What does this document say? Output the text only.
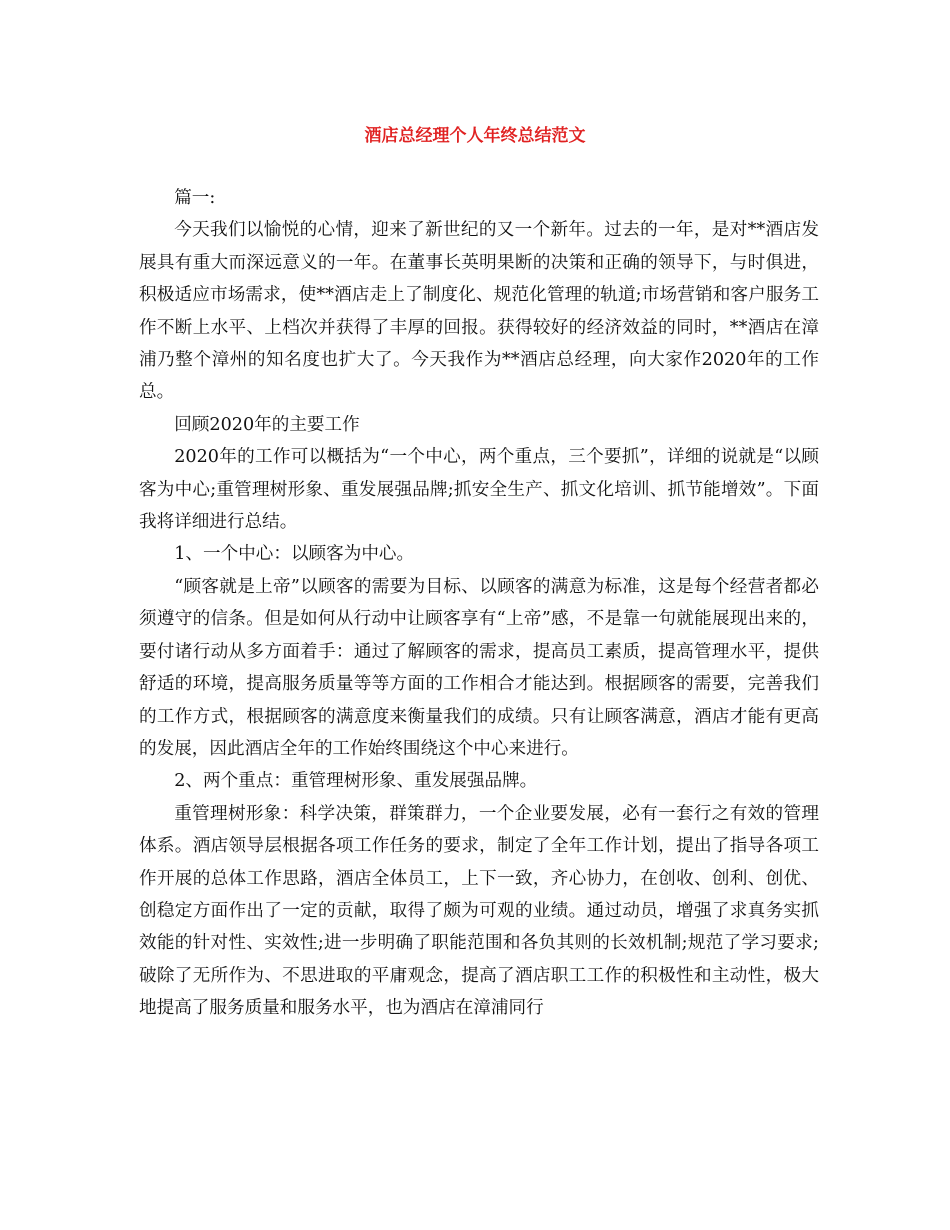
酒店总经理个人年终总结范文

篇一:

今天我们以愉悦的心情，迎来了新世纪的又一个新年。过去的一年，是对**酒店发展具有重大而深远意义的一年。在董事长英明果断的决策和正确的领导下，与时俱进，积极适应市场需求，使**酒店走上了制度化、规范化管理的轨道;市场营销和客户服务工作不断上水平、上档次并获得了丰厚的回报。获得较好的经济效益的同时，**酒店在漳浦乃整个漳州的知名度也扩大了。今天我作为**酒店总经理，向大家作2020年的工作总。

回顾2020年的主要工作

2020年的工作可以概括为“一个中心，两个重点，三个要抓”，详细的说就是“以顾客为中心;重管理树形象、重发展强品牌;抓安全生产、抓文化培训、抓节能增效”。下面我将详细进行总结。

1、一个中心：以顾客为中心。

“顾客就是上帝”以顾客的需要为目标、以顾客的满意为标准，这是每个经营者都必须遵守的信条。但是如何从行动中让顾客享有“上帝”感，不是靠一句就能展现出来的，要付诸行动从多方面着手：通过了解顾客的需求，提高员工素质，提高管理水平，提供舒适的环境，提高服务质量等等方面的工作相合才能达到。根据顾客的需要，完善我们的工作方式，根据顾客的满意度来衡量我们的成绩。只有让顾客满意，酒店才能有更高的发展，因此酒店全年的工作始终围绕这个中心来进行。

2、两个重点：重管理树形象、重发展强品牌。

重管理树形象：科学决策，群策群力，一个企业要发展，必有一套行之有效的管理体系。酒店领导层根据各项工作任务的要求，制定了全年工作计划，提出了指导各项工作开展的总体工作思路，酒店全体员工，上下一致，齐心协力，在创收、创利、创优、创稳定方面作出了一定的贡献，取得了颇为可观的业绩。通过动员，增强了求真务实抓效能的针对性、实效性;进一步明确了职能范围和各负其则的长效机制;规范了学习要求;破除了无所作为、不思进取的平庸观念，提高了酒店职工工作的积极性和主动性，极大地提高了服务质量和服务水平，也为酒店在漳浦同行
